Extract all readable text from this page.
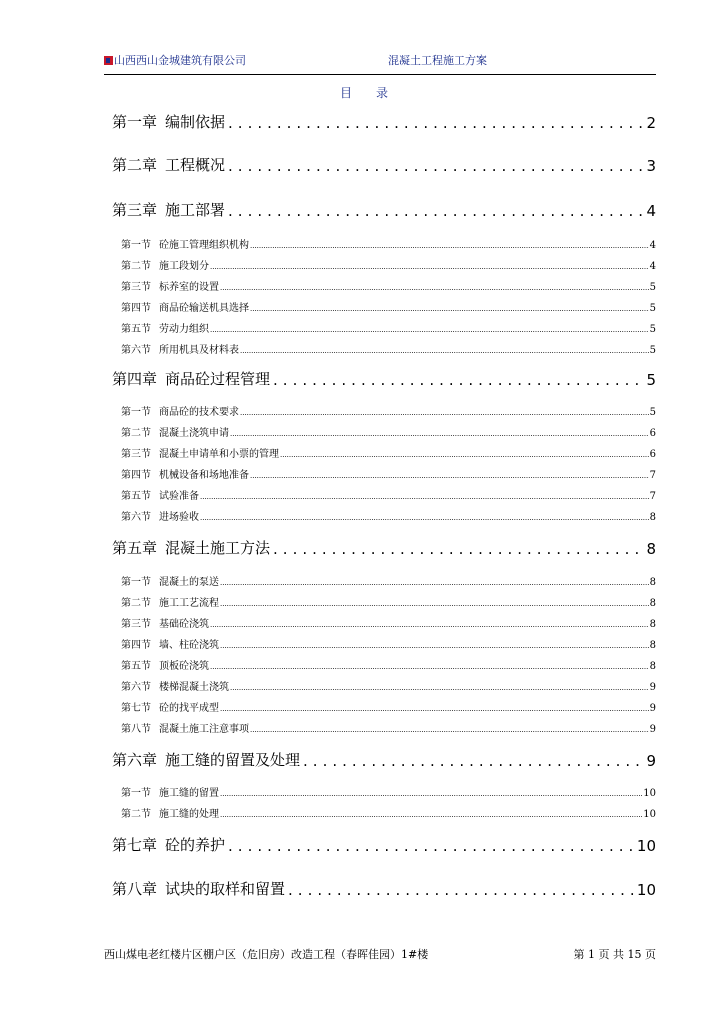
山西西山金城建筑有限公司	混凝土工程施工方案
目录
第一章 编制依据 .....	2
第二章 工程概况 .....	3
第三章 施工部署 .....	4
第一节 砼施工管理组织机构 .....	4
第二节 施工段划分 .....	4
第三节 标养室的设置 .....	5
第四节 商品砼输送机具选择 .....	5
第五节 劳动力组织 .....	5
第六节 所用机具及材料表 .....	5
第四章 商品砼过程管理 .....	5
第一节 商品砼的技术要求 .....	5
第二节 混凝土浇筑申请 .....	6
第三节 混凝土申请单和小票的管理 .....	6
第四节 机械设备和场地准备 .....	7
第五节 试验准备 .....	7
第六节 进场验收 .....	8
第五章 混凝土施工方法 .....	8
第一节 混凝土的泵送 .....	8
第二节 施工工艺流程 .....	8
第三节 基础砼浇筑 .....	8
第四节 墙、柱砼浇筑 .....	8
第五节 顶板砼浇筑 .....	8
第六节 楼梯混凝土浇筑 .....	9
第七节 砼的找平成型 .....	9
第八节 混凝土施工注意事项 .....	9
第六章 施工缝的留置及处理 .....	9
第一节 施工缝的留置 .....	10
第二节 施工缝的处理 .....	10
第七章 砼的养护 .....	10
第八章 试块的取样和留置 .....	10
西山煤电老红楼片区棚户区（危旧房）改造工程（春晖佳园）1#楼	第 1 页 共 15 页
